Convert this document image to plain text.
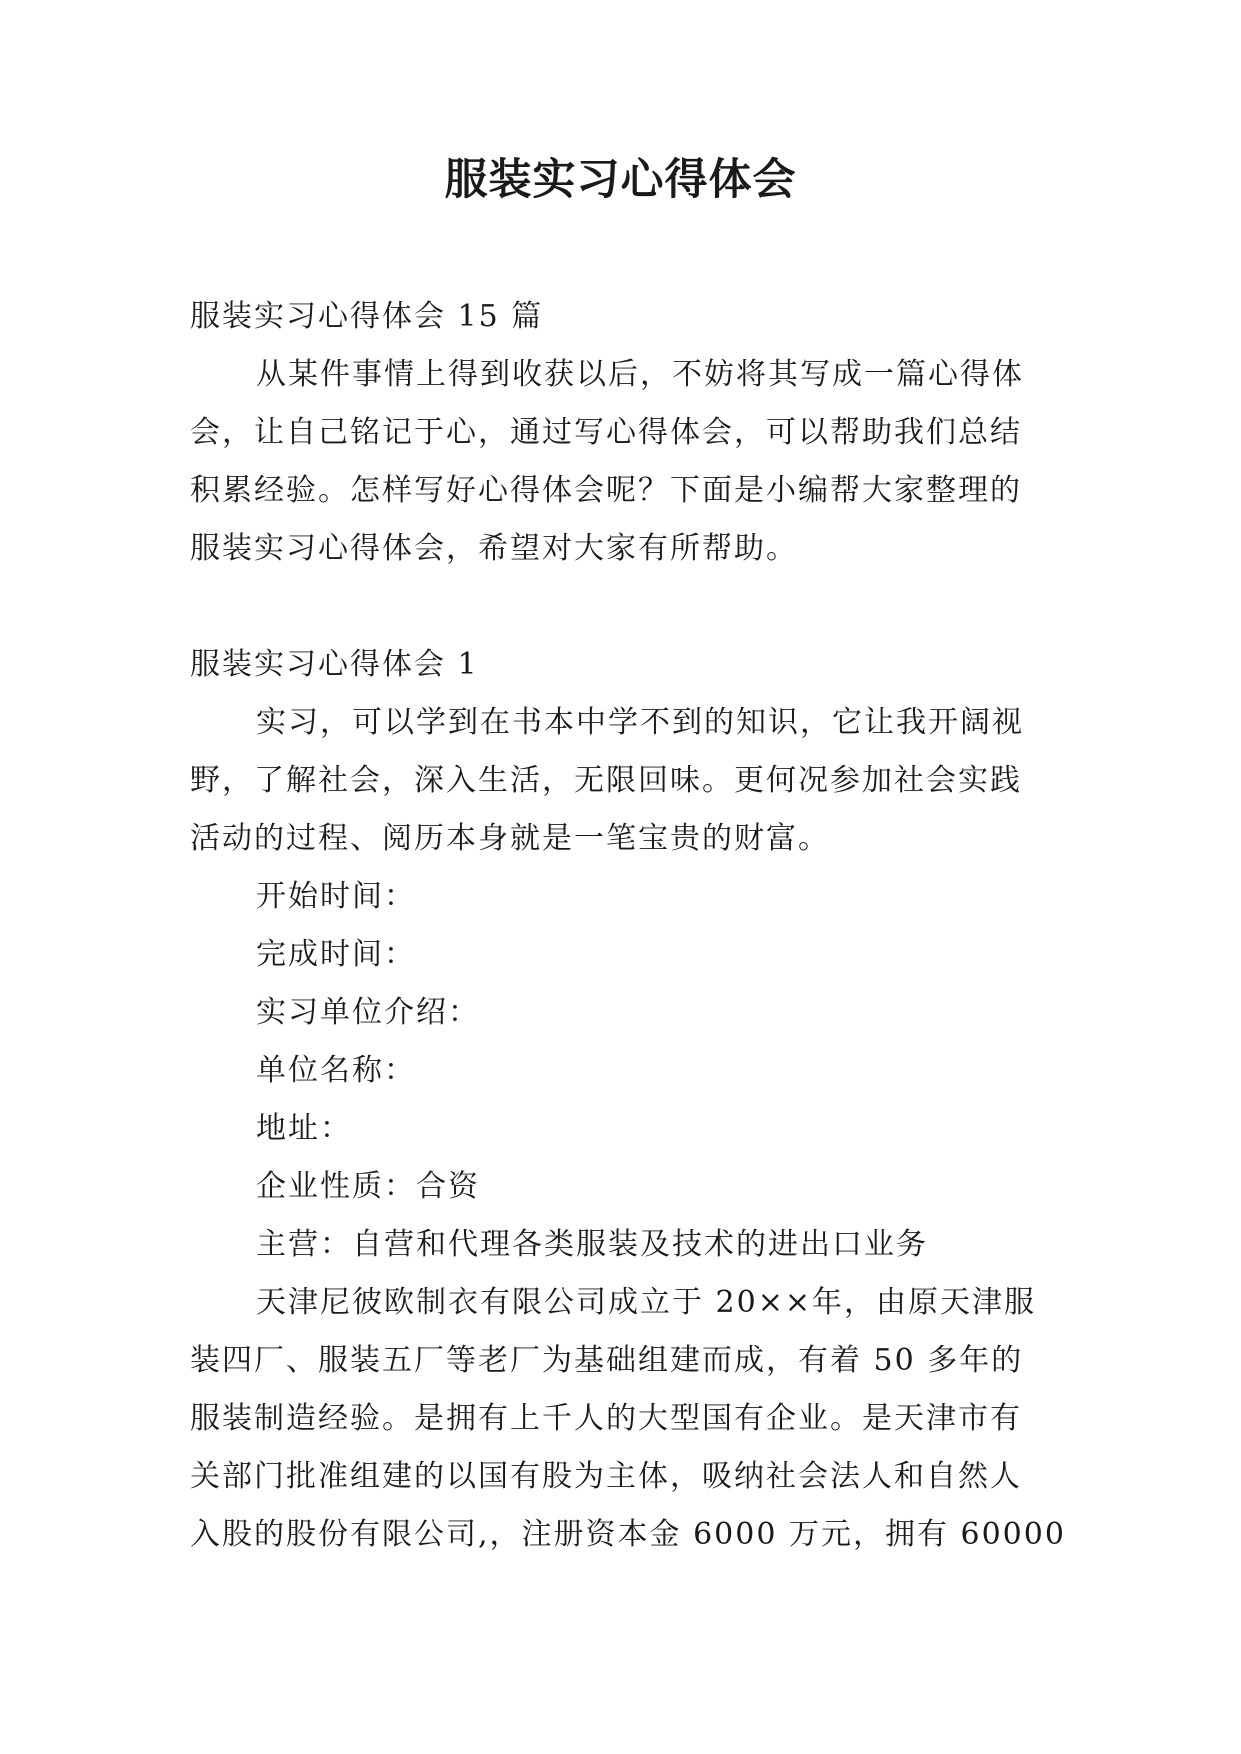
服装实习心得体会
服装实习心得体会 15 篇
从某件事情上得到收获以后，不妨将其写成一篇心得体
会，让自己铭记于心，通过写心得体会，可以帮助我们总结
积累经验。怎样写好心得体会呢？下面是小编帮大家整理的
服装实习心得体会，希望对大家有所帮助。
服装实习心得体会 1
实习，可以学到在书本中学不到的知识，它让我开阔视
野，了解社会，深入生活，无限回味。更何况参加社会实践
活动的过程、阅历本身就是一笔宝贵的财富。
开始时间：
完成时间：
实习单位介绍：
单位名称：
地址：
企业性质：合资
主营：自营和代理各类服装及技术的进出口业务
天津尼彼欧制衣有限公司成立于 20××年，由原天津服
装四厂、服装五厂等老厂为基础组建而成，有着 50 多年的
服装制造经验。是拥有上千人的大型国有企业。是天津市有
关部门批准组建的以国有股为主体，吸纳社会法人和自然人
入股的股份有限公司,，注册资本金 6000 万元，拥有 60000
